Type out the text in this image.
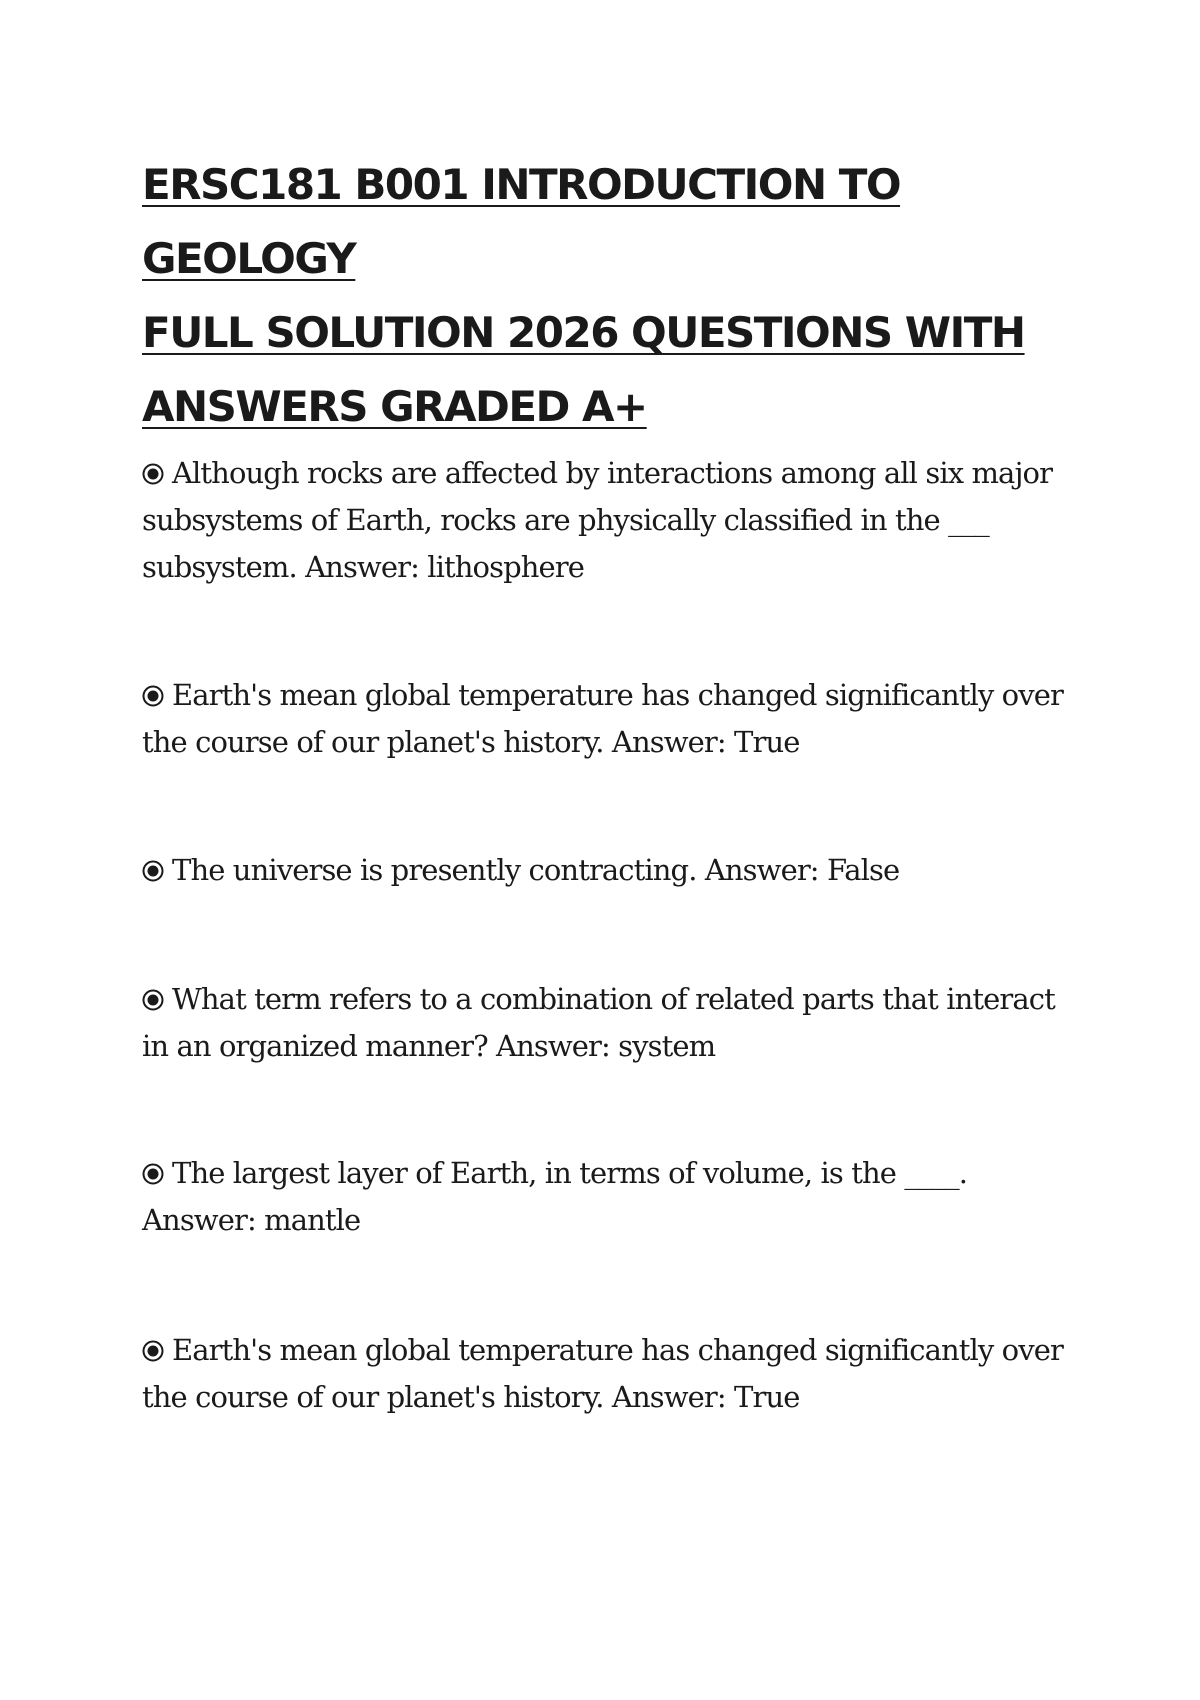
ERSC181 B001 INTRODUCTION TO GEOLOGY
FULL SOLUTION 2026 QUESTIONS WITH
ANSWERS GRADED A+
Although rocks are affected by interactions among all six major subsystems of Earth, rocks are physically classified in the ___ subsystem. Answer: lithosphere
Earth's mean global temperature has changed significantly over the course of our planet's history. Answer: True
The universe is presently contracting. Answer: False
What term refers to a combination of related parts that interact in an organized manner? Answer: system
The largest layer of Earth, in terms of volume, is the ____. Answer: mantle
Earth's mean global temperature has changed significantly over the course of our planet's history. Answer: True
